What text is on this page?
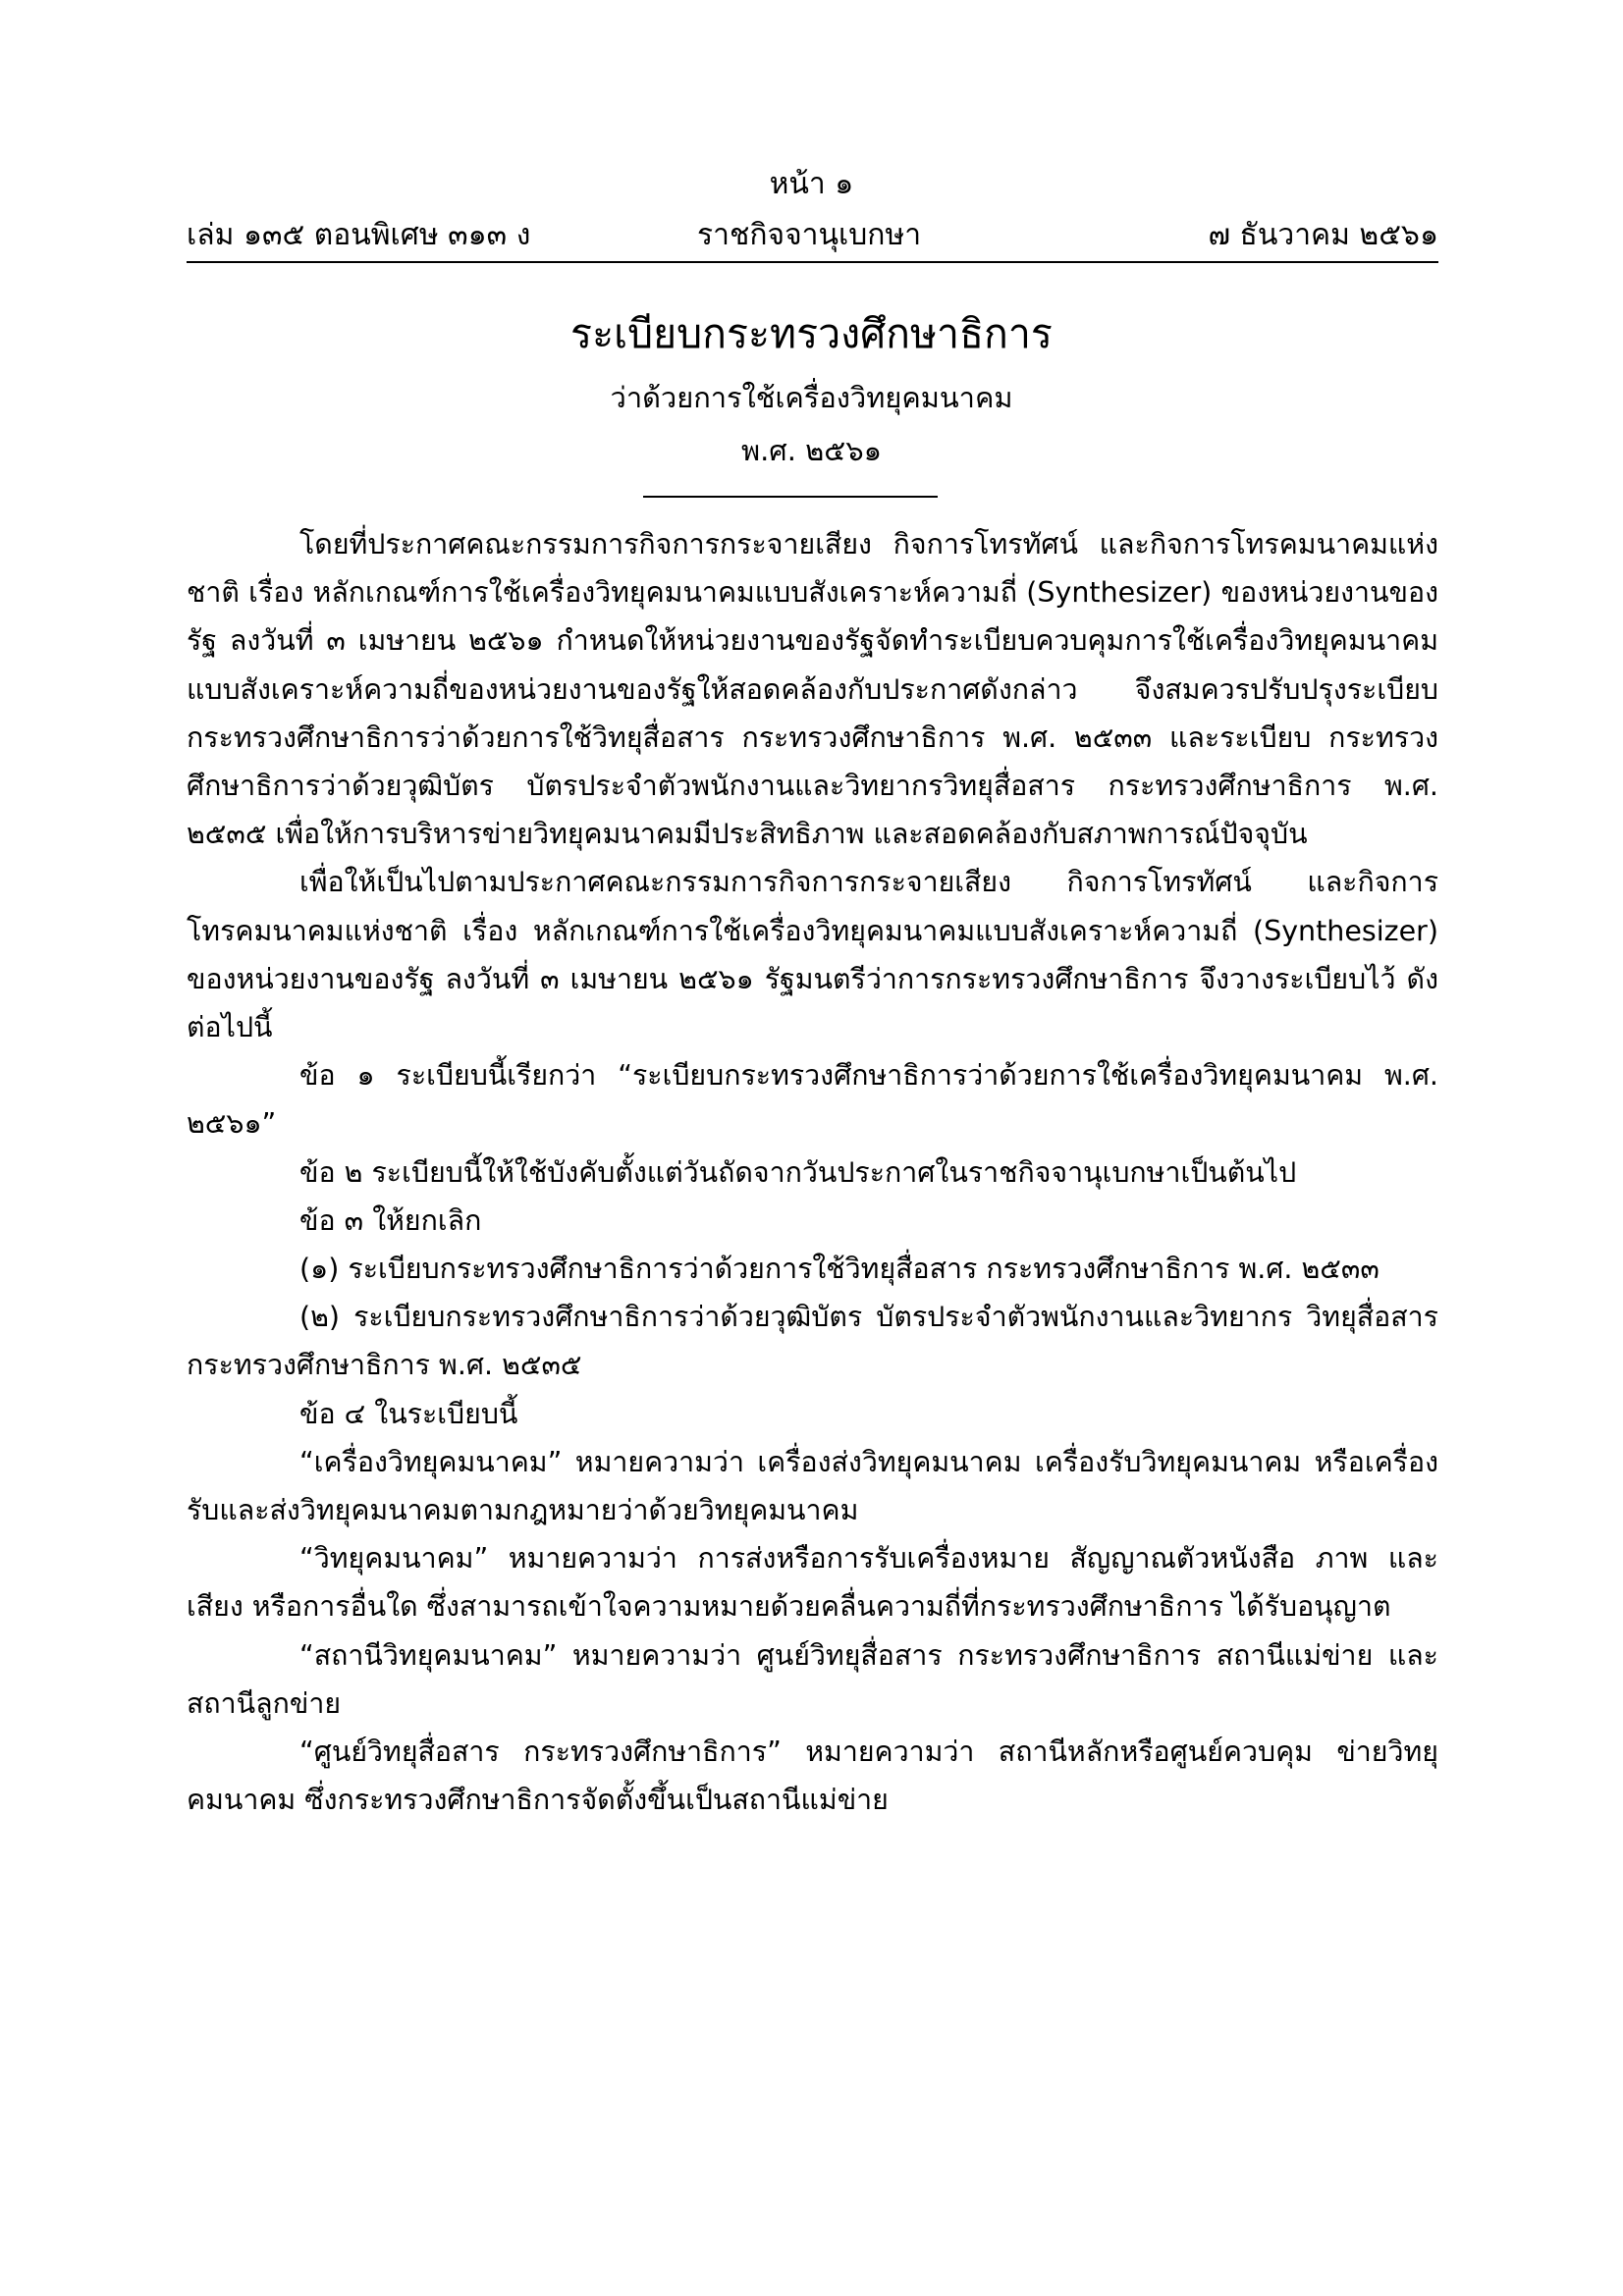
หน้า ๑
เล่ม ๑๓๕ ตอนพิเศษ ๓๑๓ ง	ราชกิจจานุเบกษา	๗ ธันวาคม ๒๕๖๑
ระเบียบกระทรวงศึกษาธิการ
ว่าด้วยการใช้เครื่องวิทยุคมนาคม
พ.ศ. ๒๕๖๑

โดยที่ประกาศคณะกรรมการกิจการกระจายเสียง กิจการโทรทัศน์ และกิจการโทรคมนาคมแห่งชาติ เรื่อง หลักเกณฑ์การใช้เครื่องวิทยุคมนาคมแบบสังเคราะห์ความถี่ (Synthesizer) ของหน่วยงานของรัฐ ลงวันที่ ๓ เมษายน ๒๕๖๑ กำหนดให้หน่วยงานของรัฐจัดทำระเบียบควบคุมการใช้เครื่องวิทยุคมนาคม แบบสังเคราะห์ความถี่ของหน่วยงานของรัฐให้สอดคล้องกับประกาศดังกล่าว จึงสมควรปรับปรุงระเบียบ กระทรวงศึกษาธิการว่าด้วยการใช้วิทยุสื่อสาร กระทรวงศึกษาธิการ พ.ศ. ๒๕๓๓ และระเบียบ กระทรวงศึกษาธิการว่าด้วยวุฒิบัตร บัตรประจำตัวพนักงานและวิทยากรวิทยุสื่อสาร กระทรวงศึกษาธิการ พ.ศ. ๒๕๓๕ เพื่อให้การบริหารข่ายวิทยุคมนาคมมีประสิทธิภาพ และสอดคล้องกับสภาพการณ์ปัจจุบัน

เพื่อให้เป็นไปตามประกาศคณะกรรมการกิจการกระจายเสียง กิจการโทรทัศน์ และกิจการ โทรคมนาคมแห่งชาติ เรื่อง หลักเกณฑ์การใช้เครื่องวิทยุคมนาคมแบบสังเคราะห์ความถี่ (Synthesizer) ของหน่วยงานของรัฐ ลงวันที่ ๓ เมษายน ๒๕๖๑ รัฐมนตรีว่าการกระทรวงศึกษาธิการ จึงวางระเบียบไว้ ดังต่อไปนี้

ข้อ ๑ ระเบียบนี้เรียกว่า “ระเบียบกระทรวงศึกษาธิการว่าด้วยการใช้เครื่องวิทยุคมนาคม พ.ศ. ๒๕๖๑”

ข้อ ๒ ระเบียบนี้ให้ใช้บังคับตั้งแต่วันถัดจากวันประกาศในราชกิจจานุเบกษาเป็นต้นไป

ข้อ ๓ ให้ยกเลิก

(๑) ระเบียบกระทรวงศึกษาธิการว่าด้วยการใช้วิทยุสื่อสาร กระทรวงศึกษาธิการ พ.ศ. ๒๕๓๓

(๒) ระเบียบกระทรวงศึกษาธิการว่าด้วยวุฒิบัตร บัตรประจำตัวพนักงานและวิทยากร วิทยุสื่อสาร กระทรวงศึกษาธิการ พ.ศ. ๒๕๓๕

ข้อ ๔ ในระเบียบนี้

“เครื่องวิทยุคมนาคม” หมายความว่า เครื่องส่งวิทยุคมนาคม เครื่องรับวิทยุคมนาคม หรือเครื่องรับและส่งวิทยุคมนาคมตามกฎหมายว่าด้วยวิทยุคมนาคม

“วิทยุคมนาคม” หมายความว่า การส่งหรือการรับเครื่องหมาย สัญญาณตัวหนังสือ ภาพ และเสียง หรือการอื่นใด ซึ่งสามารถเข้าใจความหมายด้วยคลื่นความถี่ที่กระทรวงศึกษาธิการ ได้รับอนุญาต

“สถานีวิทยุคมนาคม” หมายความว่า ศูนย์วิทยุสื่อสาร กระทรวงศึกษาธิการ สถานีแม่ข่าย และสถานีลูกข่าย

“ศูนย์วิทยุสื่อสาร กระทรวงศึกษาธิการ” หมายความว่า สถานีหลักหรือศูนย์ควบคุม ข่ายวิทยุคมนาคม ซึ่งกระทรวงศึกษาธิการจัดตั้งขึ้นเป็นสถานีแม่ข่าย
